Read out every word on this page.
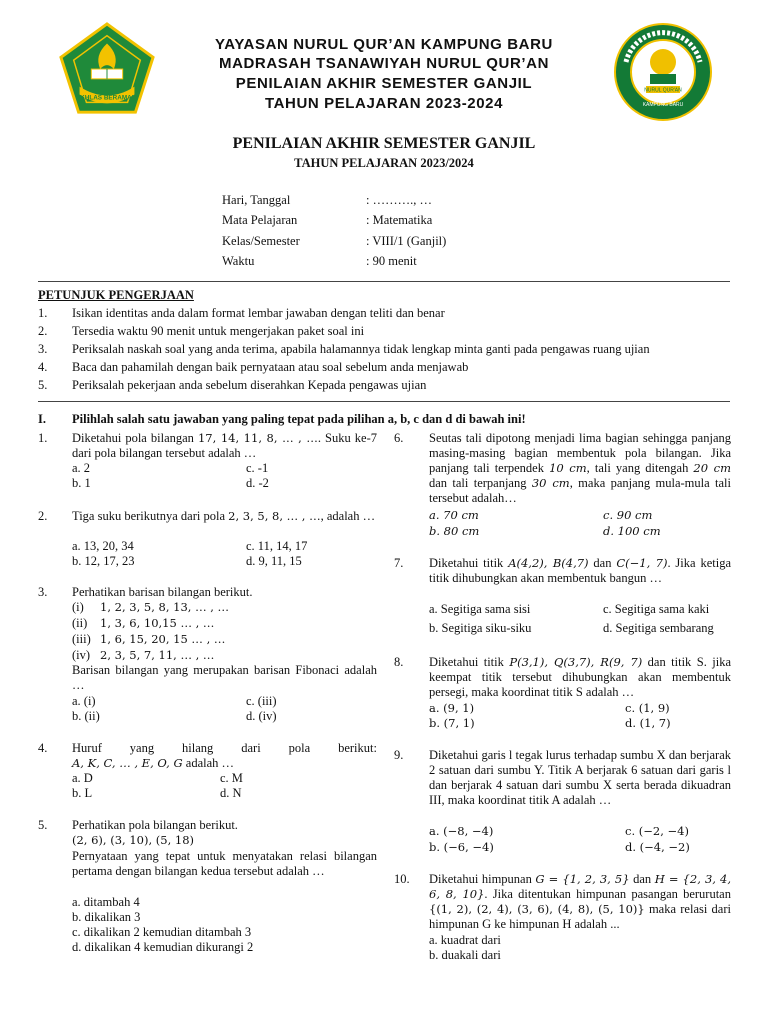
IKHLAS BERAMAL
NURUL QUR'AN
KAMPUNG BARU
YAYASAN NURUL QUR’AN KAMPUNG BARU
MADRASAH TSANAWIYAH NURUL QUR’AN
PENILAIAN AKHIR SEMESTER GANJIL
TAHUN PELAJARAN 2023-2024
PENILAIAN AKHIR SEMESTER GANJIL
TAHUN PELAJARAN 2023/2024
Hari, Tanggal	: ………., …
Mata Pelajaran	: Matematika
Kelas/Semester	: VIII/1 (Ganjil)
Waktu	: 90 menit
PETUNJUK PENGERJAAN
1. Isikan identitas anda dalam format lembar jawaban dengan teliti dan benar
2. Tersedia waktu 90 menit untuk mengerjakan paket soal ini
3. Periksalah naskah soal yang anda terima, apabila halamannya tidak lengkap minta ganti pada pengawas ruang ujian
4. Baca dan pahamilah dengan baik pernyataan atau soal sebelum anda menjawab
5. Periksalah pekerjaan anda sebelum diserahkan Kepada pengawas ujian
I. Pilihlah salah satu jawaban yang paling tepat pada pilihan a, b, c dan d di bawah ini!
1. Diketahui pola bilangan 17, 14, 11, 8, … , …. Suku ke-7 dari pola bilangan tersebut adalah …
a. 2	c. -1
b. 1	d. -2
2. Tiga suku berikutnya dari pola 2, 3, 5, 8, … , …, adalah …
a. 13, 20, 34	c. 11, 14, 17
b. 12, 17, 23	d. 9, 11, 15
3. Perhatikan barisan bilangan berikut.
(i) 1, 2, 3, 5, 8, 13, … , …
(ii) 1, 3, 6, 10,15 … , …
(iii) 1, 6, 15, 20, 15 … , …
(iv) 2, 3, 5, 7, 11, … , …
Barisan bilangan yang merupakan barisan Fibonaci adalah …
a. (i)	c. (iii)
b. (ii)	d. (iv)
4. Huruf yang hilang dari pola berikut:
A, K, C, … , E, O, G adalah …
a. D	c. M
b. L	d. N
5. Perhatikan pola bilangan berikut.
(2, 6), (3, 10), (5, 18)
Pernyataan yang tepat untuk menyatakan relasi bilangan pertama dengan bilangan kedua tersebut adalah …
a. ditambah 4
b. dikalikan 3
c. dikalikan 2 kemudian ditambah 3
d. dikalikan 4 kemudian dikurangi 2
6. Seutas tali dipotong menjadi lima bagian sehingga panjang masing-masing bagian membentuk pola bilangan. Jika panjang tali terpendek 10 cm, tali yang ditengah 20 cm dan tali terpanjang 30 cm, maka panjang mula-mula tali tersebut adalah…
a. 70 cm	c. 90 cm
b. 80 cm	d. 100 cm
7. Diketahui titik A(4,2), B(4,7) dan C(−1, 7). Jika ketiga titik dihubungkan akan membentuk bangun …
a. Segitiga sama sisi	c. Segitiga sama kaki
b. Segitiga siku-siku	d. Segitiga sembarang
8. Diketahui titik P(3,1), Q(3,7), R(9, 7) dan titik S. jika keempat titik tersebut dihubungkan akan membentuk persegi, maka koordinat titik S adalah …
a. (9, 1)	c. (1, 9)
b. (7, 1)	d. (1, 7)
9. Diketahui garis l tegak lurus terhadap sumbu X dan berjarak 2 satuan dari sumbu Y. Titik A berjarak 6 satuan dari garis l dan berjarak 4 satuan dari sumbu X serta berada dikuadran III, maka koordinat titik A adalah …
a. (−8, −4)	c. (−2, −4)
b. (−6, −4)	d. (−4, −2)
10. Diketahui himpunan G = {1, 2, 3, 5} dan H = {2, 3, 4, 6, 8, 10}. Jika ditentukan himpunan pasangan berurutan {(1, 2), (2, 4), (3, 6), (4, 8), (5, 10)} maka relasi dari himpunan G ke himpunan H adalah ...
a. kuadrat dari
b. duakali dari
